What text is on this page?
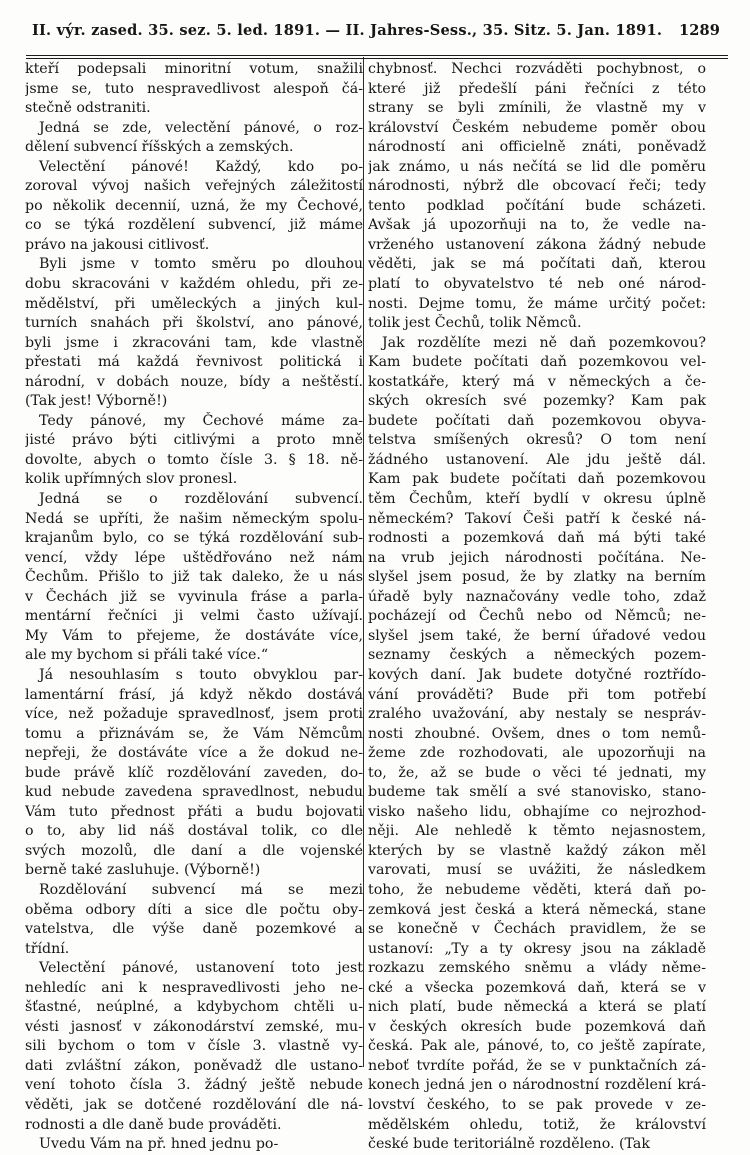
II. výr. zased. 35. sez. 5. led. 1891. — II. Jahres-Sess., 35. Sitz. 5. Jan. 1891. 1289
kteří podepsali minoritní votum, snažili
jsme se, tuto nespravedlivost alespoň čá-
stečně odstraniti.
Jedná se zde, velectění pánové, o roz-
dělení subvencí říšských a zemských.
Velectění pánové! Každý, kdo po-
zoroval vývoj našich veřejných záležitostí
po několik decennií, uzná, že my Čechové,
co se týká rozdělení subvencí, již máme
právo na jakousi citlivosť.
Byli jsme v tomto směru po dlouhou
dobu skracováni v každém ohledu, při ze-
mědělství, při uměleckých a jiných kul-
turních snahách při školství, ano pánové,
byli jsme i zkracováni tam, kde vlastně
přestati má každá řevnivost politická i
národní, v dobách nouze, bídy a neštěstí.
(Tak jest! Výborně!)
Tedy pánové, my Čechové máme za-
jisté právo býti citlivými a proto mně
dovolte, abych o tomto čísle 3. § 18. ně-
kolik upřímných slov pronesl.
Jedná se o rozdělování subvencí.
Nedá se upříti, že našim německým spolu-
krajanům bylo, co se týká rozdělování sub-
vencí, vždy lépe uštědřováno než nám
Čechům. Přišlo to již tak daleko, že u nás
v Čechách již se vyvinula fráse a parla-
mentární řečníci ji velmi často užívají.
My Vám to přejeme, že dostáváte více,
ale my bychom si přáli také více.“
Já nesouhlasím s touto obvyklou par-
lamentární frásí, já když někdo dostává
více, než požaduje spravedlnosť, jsem proti
tomu a přiznávám se, že Vám Němcům
nepřeji, že dostáváte více a že dokud ne-
bude právě klíč rozdělování zaveden, do-
kud nebude zavedena spravedlnost, nebudu
Vám tuto přednost přáti a budu bojovati
o to, aby lid náš dostával tolik, co dle
svých mozolů, dle daní a dle vojenské
berně také zasluhuje. (Výborně!)
Rozdělování subvencí má se mezi
oběma odbory díti a sice dle počtu oby-
vatelstva, dle výše daně pozemkové a
třídní.
Velectění pánové, ustanovení toto jest
nehledíc ani k nespravedlivosti jeho ne-
šťastné, neúplné, a kdybychom chtěli u-
vésti jasnosť v zákonodárství zemské, mu-
sili bychom o tom v čísle 3. vlastně vy-
dati zvláštní zákon, poněvadž dle ustano-
vení tohoto čísla 3. žádný ještě nebude
věděti, jak se dotčené rozdělování dle ná-
rodnosti a dle daně bude prováděti.
Uvedu Vám na př. hned jednu po-
chybnosť. Nechci rozváděti pochybnost, o
které již předešlí páni řečníci z této
strany se byli zmínili, že vlastně my v
království Českém nebudeme poměr obou
národností ani officielně znáti, poněvadž
jak známo, u nás nečítá se lid dle poměru
národnosti, nýbrž dle obcovací řeči; tedy
tento podklad počítání bude scházeti.
Avšak já upozorňuji na to, že vedle na-
vrženého ustanovení zákona žádný nebude
věděti, jak se má počítati daň, kterou
platí to obyvatelstvo té neb oné národ-
nosti. Dejme tomu, že máme určitý počet:
tolik jest Čechů, tolik Němců.
Jak rozdělíte mezi ně daň pozemkovou?
Kam budete počítati daň pozemkovou vel-
kostatkáře, který má v německých a če-
ských okresích své pozemky? Kam pak
budete počítati daň pozemkovou obyva-
telstva smíšených okresů? O tom není
žádného ustanovení. Ale jdu ještě dál.
Kam pak budete počítati daň pozemkovou
těm Čechům, kteří bydlí v okresu úplně
německém? Takoví Češi patří k české ná-
rodnosti a pozemková daň má býti také
na vrub jejich národnosti počítána. Ne-
slyšel jsem posud, že by zlatky na berním
úřadě byly naznačovány vedle toho, zdaž
pocházejí od Čechů nebo od Němců; ne-
slyšel jsem také, že berní úřadové vedou
seznamy českých a německých pozem-
kových daní. Jak budete dotyčné roztřído-
vání prováděti? Bude při tom potřebí
zralého uvažování, aby nestaly se nespráv-
nosti zhoubné. Ovšem, dnes o tom nemů-
žeme zde rozhodovati, ale upozorňuji na
to, že, až se bude o věci té jednati, my
budeme tak smělí a své stanovisko, stano-
visko našeho lidu, obhajíme co nejrozhod-
něji. Ale nehledě k těmto nejasnostem,
kterých by se vlastně každý zákon měl
varovati, musí se uvážiti, že následkem
toho, že nebudeme věděti, která daň po-
zemková jest česká a která německá, stane
se konečně v Čechách pravidlem, že se
ustanoví: „Ty a ty okresy jsou na základě
rozkazu zemského sněmu a vlády něme-
cké a všecka pozemková daň, která se v
nich platí, bude německá a která se platí
v českých okresích bude pozemková daň
česká. Pak ale, pánové, to, co ještě zapírate,
neboť tvrdíte pořád, že se v punktačních zá-
konech jedná jen o národnostní rozdělení krá-
lovství českého, to se pak provede v ze-
mědělském ohledu, totiž, že království
české bude teritoriálně rozděleno. (Tak
